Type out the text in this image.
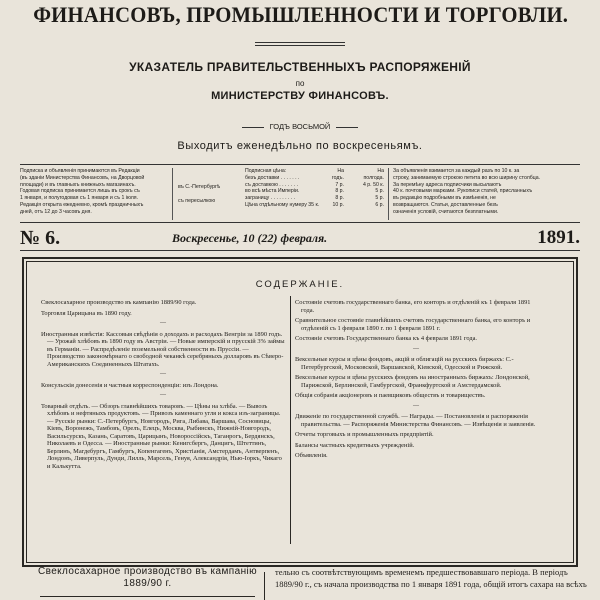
ФИНАНСОВЪ, ПРОМЫШЛЕННОСТИ И ТОРГОВЛИ.
УКАЗАТЕЛЬ ПРАВИТЕЛЬСТВЕННЫХЪ РАСПОРЯЖЕНІЙ
по
МИНИСТЕРСТВУ ФИНАНСОВЪ.
ГОДЪ ВОСЬМОЙ
Выходитъ еженедѣльно по воскресеньямъ.
Подписка и объявленія принимаются въ Редакціи
(въ зданіи Министерства Финансовъ, на Дворцовой
площади) и въ главныхъ книжныхъ магазинахъ.
Годовая подписка принимается лишь въ срокъ съ
1 января, и полугодовая съ 1 января и съ 1 іюля.
Редакція открыта ежедневно, кромѣ праздничныхъ
дней, отъ 12 до 3 часовъ дня.
въ С.-Петербургѣ
съ пересылкою
Подписная цѣна:
безъ доставки . . . . . . .
съ доставкою . . . . . . .
во всѣ мѣста Имперіи.
заграницу . . . . . . . . .
Цѣна отдѣльному нумеру 35 к.
На
годъ.
7 р.
8 р.
8 р.
10 р.
На
полгода.
4 р. 50 к.
5 р.
5 р.
6 р.
За объявленія взимается за каждый разъ по 10 к. за
строку, занимаемую строкою петита во всю ширину столбца.
За перемѣну адреса подписчики высылаютъ
40 к. почтовыми марками. Рукописи статей, присланныхъ
въ редакцію подробными въ измѣненія, не
возвращаются. Статьи, доставленные безъ
означенія условій, считаются безплатными.
№ 6.	Воскресенье, 10 (22) февраля.	1891.
СОДЕРЖАНІЕ.
Свеклосахарное производство въ кампанію 1889/90 года.
Торговля Царицына въ 1890 году.
—
Иностранныя извѣстія: Кассовыя свѣдѣнія о доходахъ и расходахъ Венгріи за 1890 годъ. — Урожай хлѣбовъ въ 1890 году въ Австріи. — Новые имперскій и прусскій 3% займы въ Германіи. — Распредѣленіе поземельной собственности въ Пруссіи. — Производство закономѣрнаго о свободной чеканкѣ серебряныхъ долларовъ въ Сѣверо-Американскихъ Соединенныхъ Штатахъ.
—
Консульскія донесенія и частныя корреспонденціи: изъ Лондона.
—
Товарный отдѣлъ. — Обзоръ главнѣйшихъ товаровъ. — Цѣны на хлѣба. — Вывозъ хлѣбовъ и нефтяныхъ продуктовъ. — Привозъ каменнаго угля и кокса изъ-заграницы. — Русскіе рынки: С.-Петербургъ, Новгородъ, Рига, Либава, Варшава, Сосновицы, Кіевъ, Воронежъ, Тамбовъ, Орелъ, Елецъ, Москва, Рыбинскъ, Нижній-Новгородъ, Васильсурскъ, Казань, Саратовъ, Царицынъ, Новороссійскъ, Таганрогъ, Бердянскъ, Николаевъ и Одесса. — Иностранные рынки: Кенигсбергъ, Данцигъ, Штеттинъ, Берлинъ, Магдебургъ, Гамбургъ, Копенгагенъ, Христіанія, Амстердамъ, Антверпенъ, Лондонъ, Ливерпуль, Дунди, Лилль, Марсель, Генуя, Александрія, Нью-Іоркъ, Чикаго и Калькутта.
Состояніе счетовъ государственнаго банка, его конторъ и отдѣленій къ 1 февраля 1891 года.
Сравнительное состояніе главнѣйшихъ счетовъ государственнаго банка, его конторъ и отдѣленій съ 1 февраля 1890 г. по 1 февраля 1891 г.
Состояніе счетовъ Государственнаго банка къ 4 февраля 1891 года.
—
Вексельные курсы и цѣны фондовъ, акцій и облигацій на русскихъ биржахъ: С.-Петербургской, Московской, Варшавской, Кіевской, Одесской и Рижской.
Вексельные курсы и цѣны русскихъ фондовъ на иностранныхъ биржахъ: Лондонской, Парижской, Берлинской, Гамбургской, Франкфуртской и Амстердамской.
Общія собранія акціонеровъ и паевщиковъ обществъ и товариществъ.
—
Движеніе по государственной службѣ. — Награды. — Постановленія и распоряженія правительства. — Распоряженія Министерства Финансовъ. — Извѣщенія и заявленія.
Отчеты торговыхъ и промышленныхъ предпріятій.
Балансы частныхъ кредитныхъ учрежденій.
Объявленія.
Свеклосахарное производство въ кампанію 1889/90 г.
тельно съ соотвѣтствующимъ временемъ предшествовавшаго періода. В періодъ 1889/90 г., съ начала производства по 1 января 1891 года, общій итогъ сахара на всѣхъ
